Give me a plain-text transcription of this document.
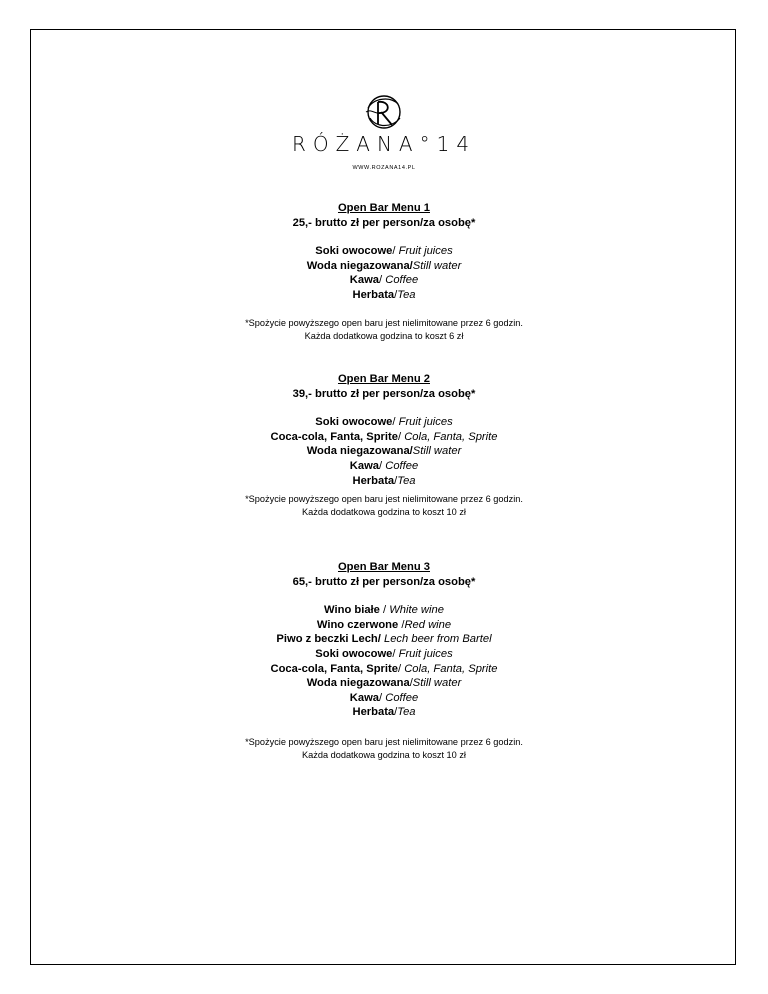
RÓŻANA°14
WWW.ROZANA14.PL
Open Bar Menu 1
25,- brutto zł per person/za osobę*
Soki owocowe/ Fruit juices
Woda niegazowana/Still water
Kawa/ Coffee
Herbata/Tea
*Spożycie powyższego open baru jest nielimitowane przez 6 godzin.
Każda dodatkowa godzina to koszt 6 zł
Open Bar Menu 2
39,- brutto zł per person/za osobę*
Soki owocowe/ Fruit juices
Coca-cola, Fanta, Sprite/ Cola, Fanta, Sprite
Woda niegazowana/Still water
Kawa/ Coffee
Herbata/Tea
*Spożycie powyższego open baru jest nielimitowane przez 6 godzin.
Każda dodatkowa godzina to koszt 10 zł
Open Bar Menu 3
65,- brutto zł per person/za osobę*
Wino białe / White wine
Wino czerwone /Red wine
Piwo z beczki Lech/ Lech beer from Bartel
Soki owocowe/ Fruit juices
Coca-cola, Fanta, Sprite/ Cola, Fanta, Sprite
Woda niegazowana/Still water
Kawa/ Coffee
Herbata/Tea
*Spożycie powyższego open baru jest nielimitowane przez 6 godzin.
Każda dodatkowa godzina to koszt 10 zł
